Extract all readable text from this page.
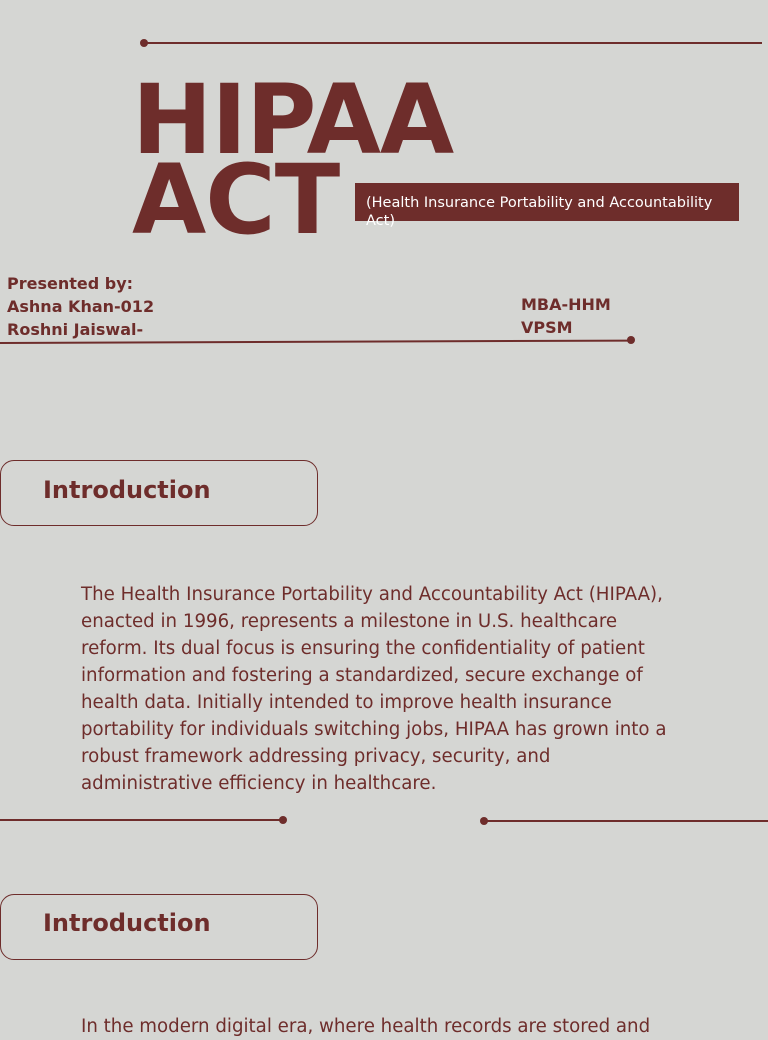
HIPAA
ACT (Health Insurance Portability and Accountability Act)
Presented by:
Ashna Khan-012
Roshni Jaiswal-
MBA-HHM
VPSM
Introduction
The Health Insurance Portability and Accountability Act (HIPAA), enacted in 1996, represents a milestone in U.S. healthcare reform. Its dual focus is ensuring the confidentiality of patient information and fostering a standardized, secure exchange of health data. Initially intended to improve health insurance portability for individuals switching jobs, HIPAA has grown into a robust framework addressing privacy, security, and administrative efficiency in healthcare.
Introduction
In the modern digital era, where health records are stored and
